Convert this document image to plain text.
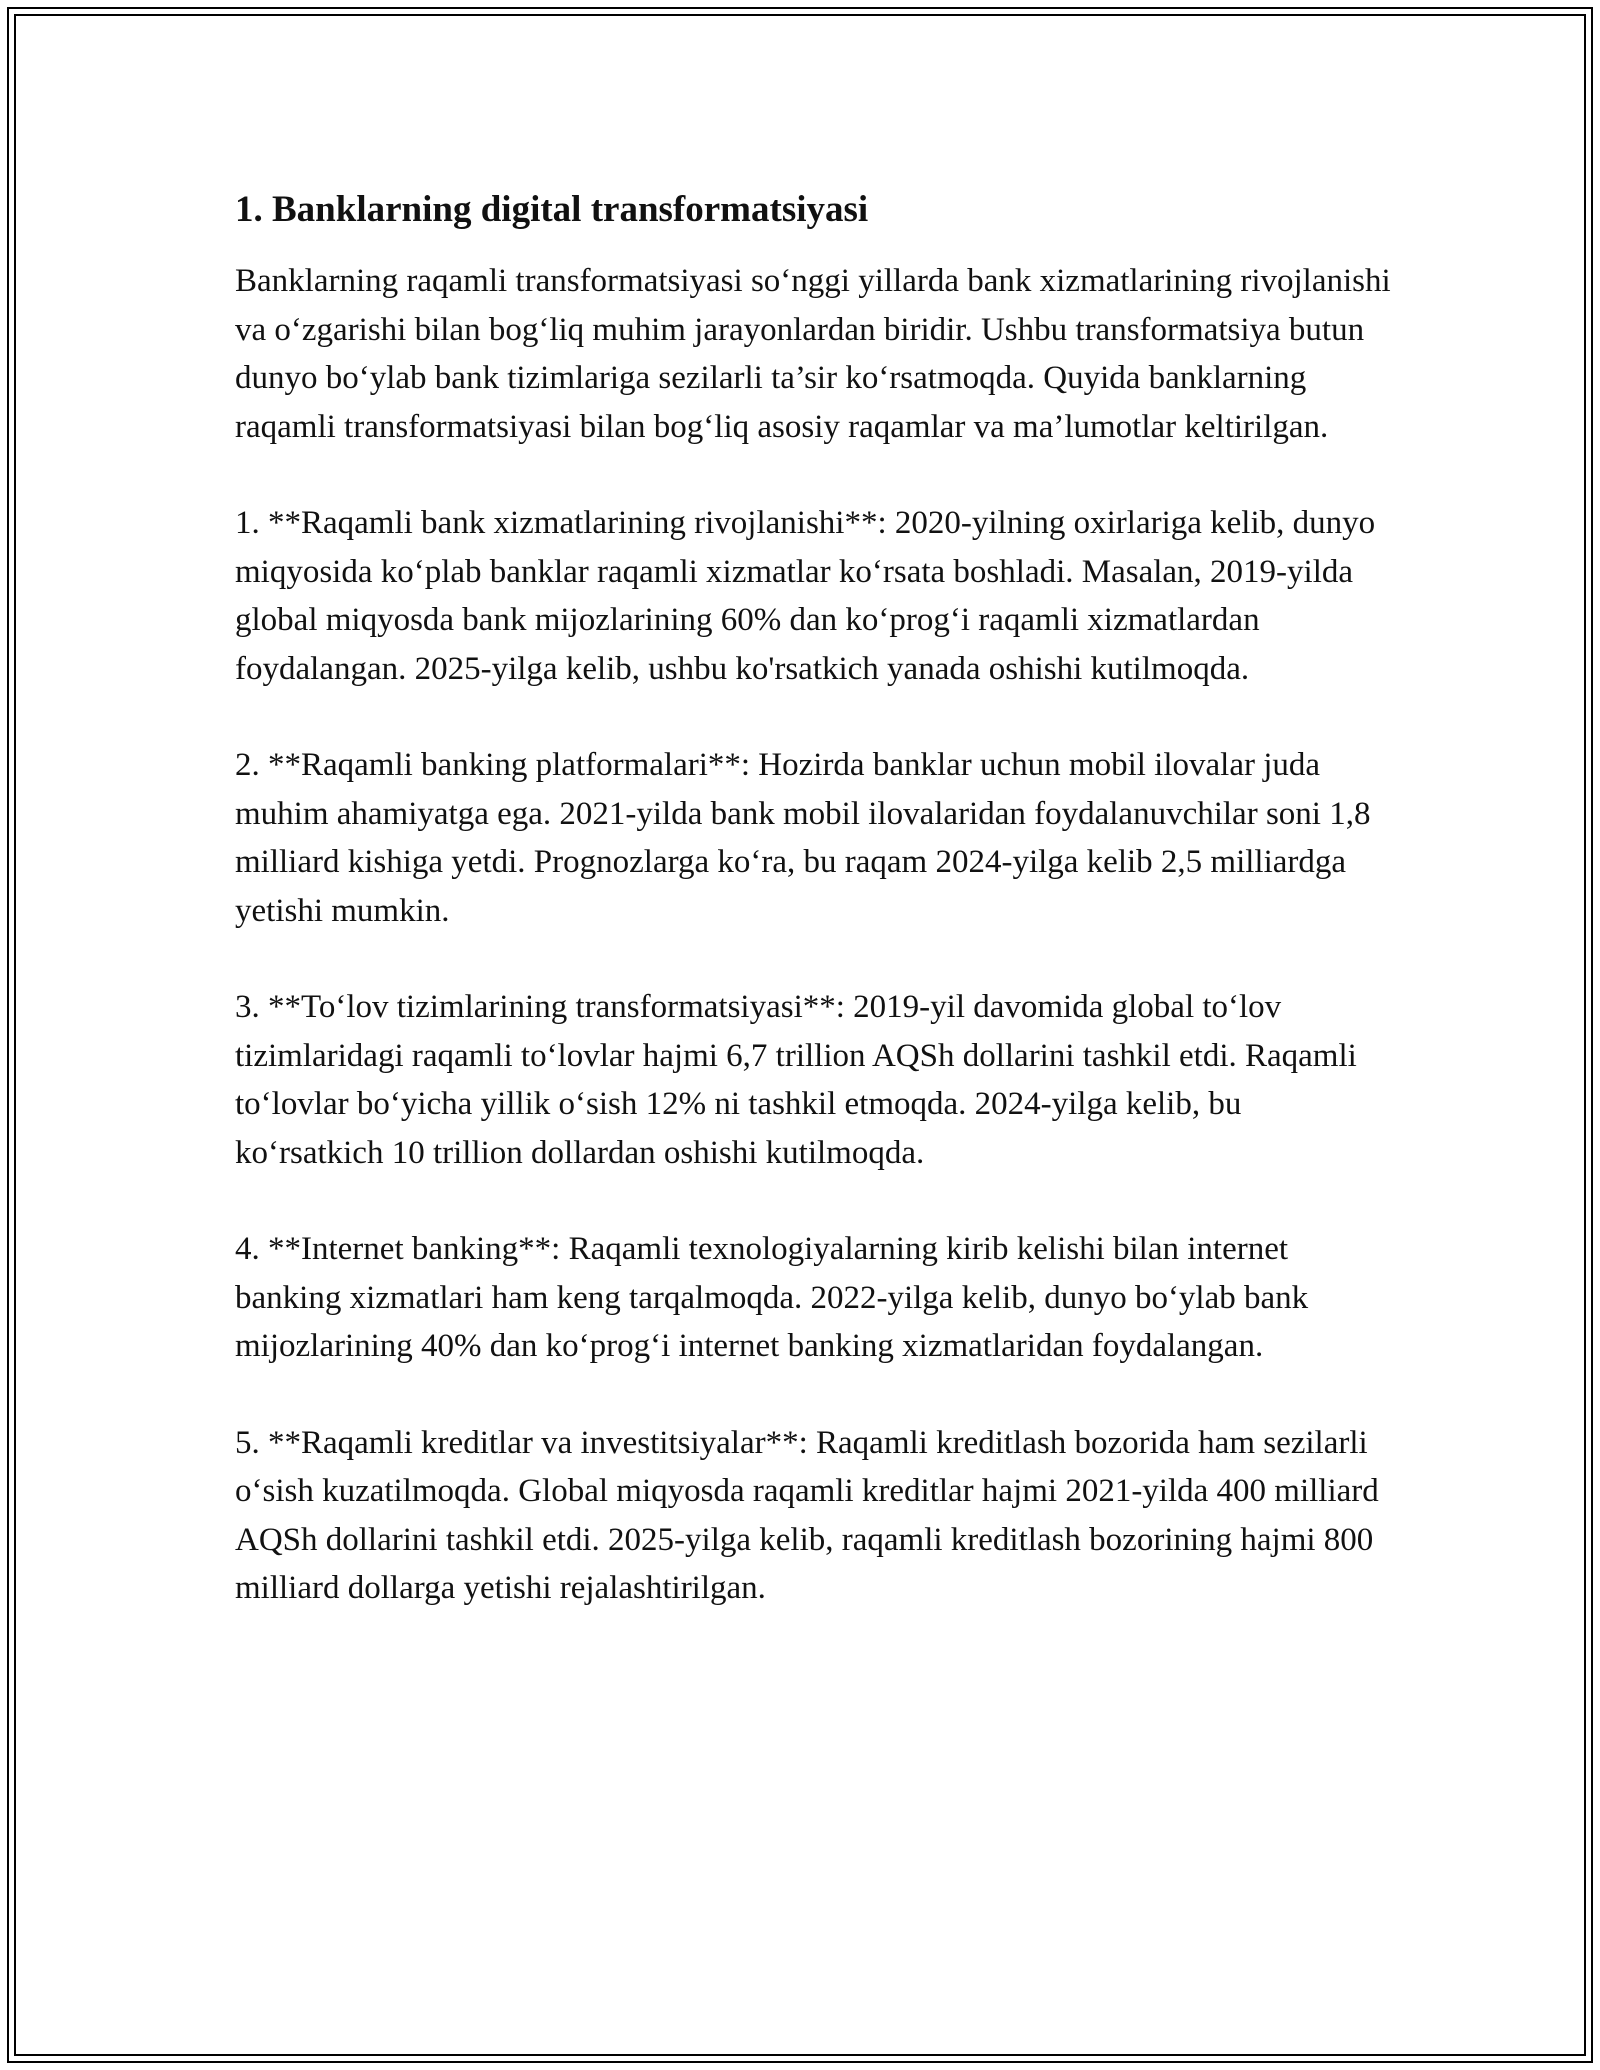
1. Banklarning digital transformatsiyasi

Banklarning raqamli transformatsiyasi so‘nggi yillarda bank xizmatlarining rivojlanishi va o‘zgarishi bilan bog‘liq muhim jarayonlardan biridir. Ushbu transformatsiya butun dunyo bo‘ylab bank tizimlariga sezilarli ta’sir ko‘rsatmoqda. Quyida banklarning raqamli transformatsiyasi bilan bog‘liq asosiy raqamlar va ma’lumotlar keltirilgan.

1. **Raqamli bank xizmatlarining rivojlanishi**: 2020-yilning oxirlariga kelib, dunyo miqyosida ko‘plab banklar raqamli xizmatlar ko‘rsata boshladi. Masalan, 2019-yilda global miqyosda bank mijozlarining 60% dan ko‘prog‘i raqamli xizmatlardan foydalangan. 2025-yilga kelib, ushbu ko'rsatkich yanada oshishi kutilmoqda.

2. **Raqamli banking platformalari**: Hozirda banklar uchun mobil ilovalar juda muhim ahamiyatga ega. 2021-yilda bank mobil ilovalaridan foydalanuvchilar soni 1,8 milliard kishiga yetdi. Prognozlarga ko‘ra, bu raqam 2024-yilga kelib 2,5 milliardga yetishi mumkin.

3. **To‘lov tizimlarining transformatsiyasi**: 2019-yil davomida global to‘lov tizimlaridagi raqamli to‘lovlar hajmi 6,7 trillion AQSh dollarini tashkil etdi. Raqamli to‘lovlar bo‘yicha yillik o‘sish 12% ni tashkil etmoqda. 2024-yilga kelib, bu ko‘rsatkich 10 trillion dollardan oshishi kutilmoqda.

4. **Internet banking**: Raqamli texnologiyalarning kirib kelishi bilan internet banking xizmatlari ham keng tarqalmoqda. 2022-yilga kelib, dunyo bo‘ylab bank mijozlarining 40% dan ko‘prog‘i internet banking xizmatlaridan foydalangan.

5. **Raqamli kreditlar va investitsiyalar**: Raqamli kreditlash bozorida ham sezilarli o‘sish kuzatilmoqda. Global miqyosda raqamli kreditlar hajmi 2021-yilda 400 milliard AQSh dollarini tashkil etdi. 2025-yilga kelib, raqamli kreditlash bozorining hajmi 800 milliard dollarga yetishi rejalashtirilgan.
